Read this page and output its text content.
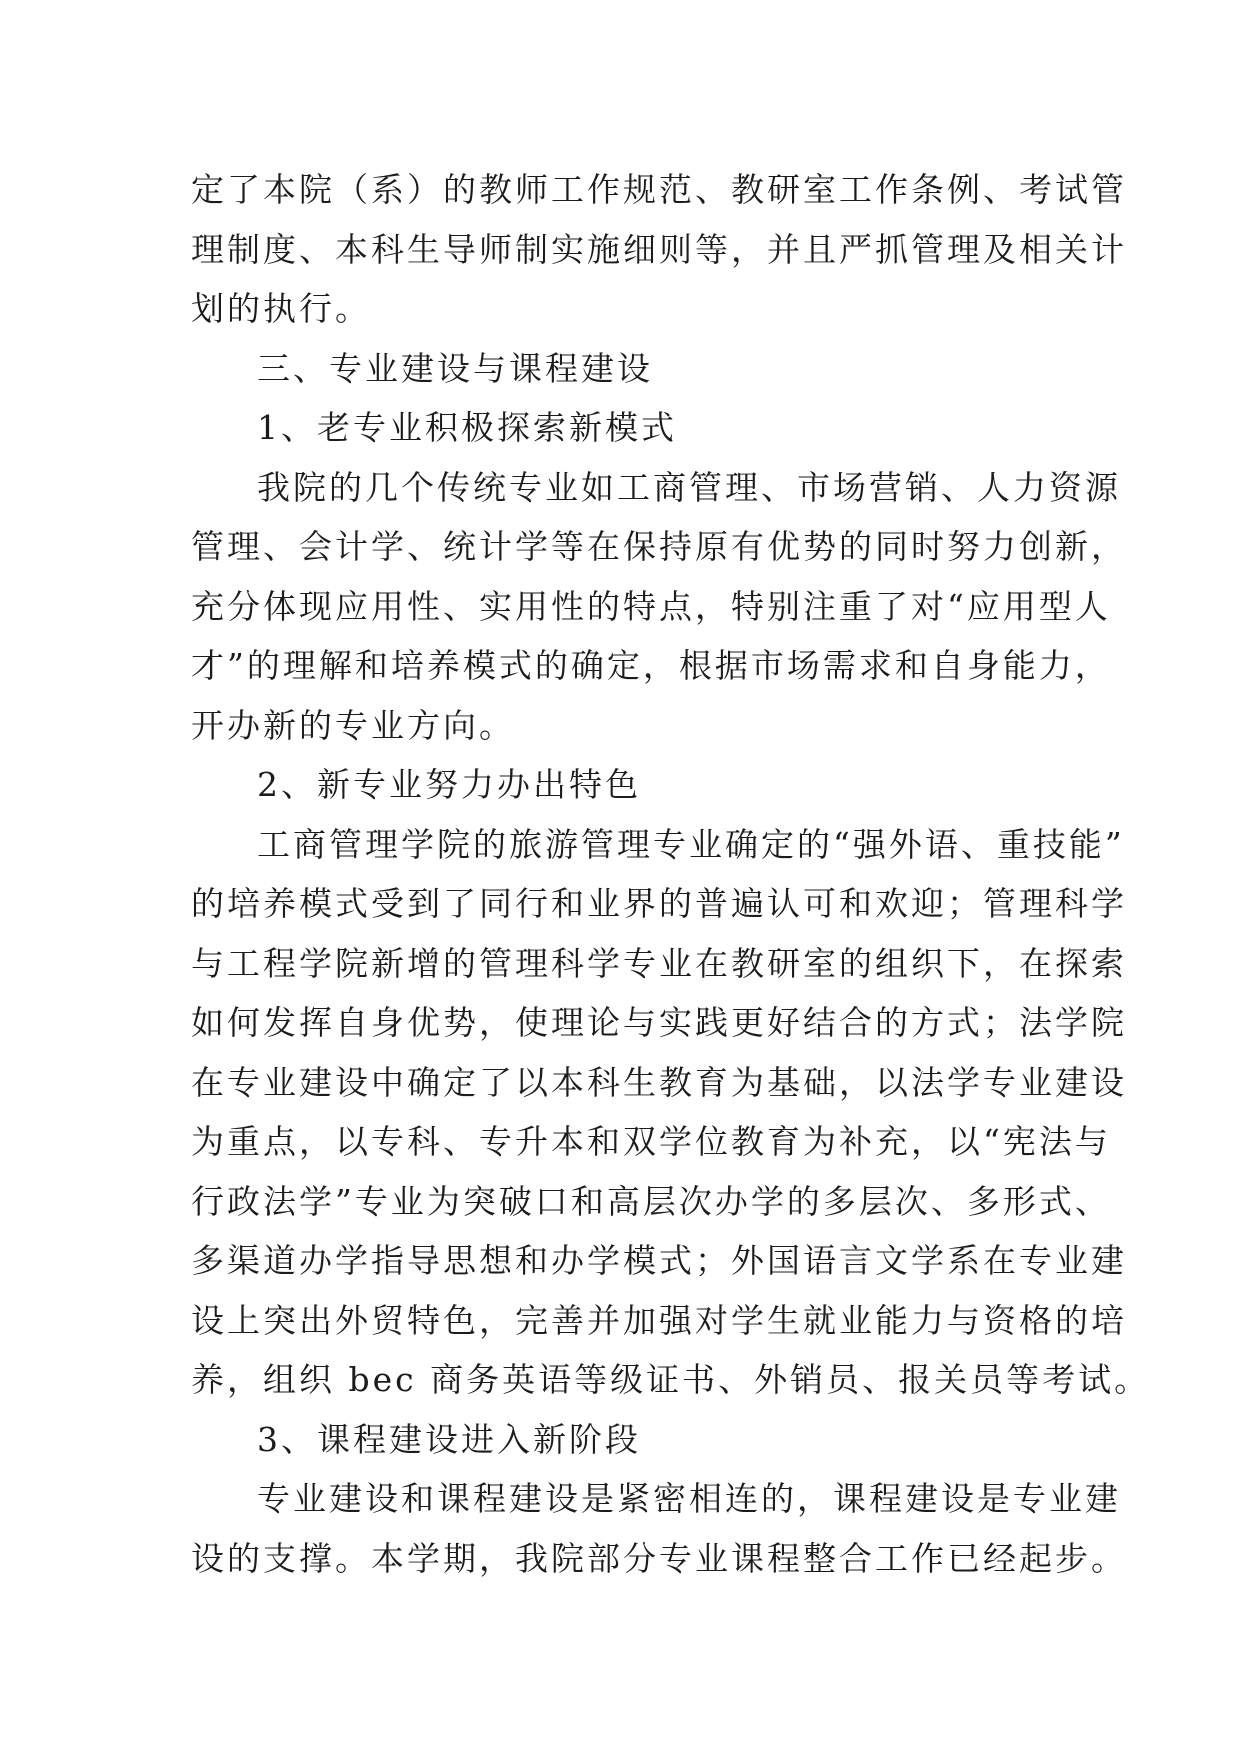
定了本院（系）的教师工作规范、教研室工作条例、考试管
理制度、本科生导师制实施细则等，并且严抓管理及相关计
划的执行。
三、专业建设与课程建设
1、老专业积极探索新模式
我院的几个传统专业如工商管理、市场营销、人力资源
管理、会计学、统计学等在保持原有优势的同时努力创新，
充分体现应用性、实用性的特点，特别注重了对“应用型人
才”的理解和培养模式的确定，根据市场需求和自身能力，
开办新的专业方向。
2、新专业努力办出特色
工商管理学院的旅游管理专业确定的“强外语、重技能”
的培养模式受到了同行和业界的普遍认可和欢迎；管理科学
与工程学院新增的管理科学专业在教研室的组织下，在探索
如何发挥自身优势，使理论与实践更好结合的方式；法学院
在专业建设中确定了以本科生教育为基础，以法学专业建设
为重点，以专科、专升本和双学位教育为补充，以“宪法与
行政法学”专业为突破口和高层次办学的多层次、多形式、
多渠道办学指导思想和办学模式；外国语言文学系在专业建
设上突出外贸特色，完善并加强对学生就业能力与资格的培
养，组织 bec 商务英语等级证书、外销员、报关员等考试。
3、课程建设进入新阶段
专业建设和课程建设是紧密相连的，课程建设是专业建
设的支撑。本学期，我院部分专业课程整合工作已经起步。
